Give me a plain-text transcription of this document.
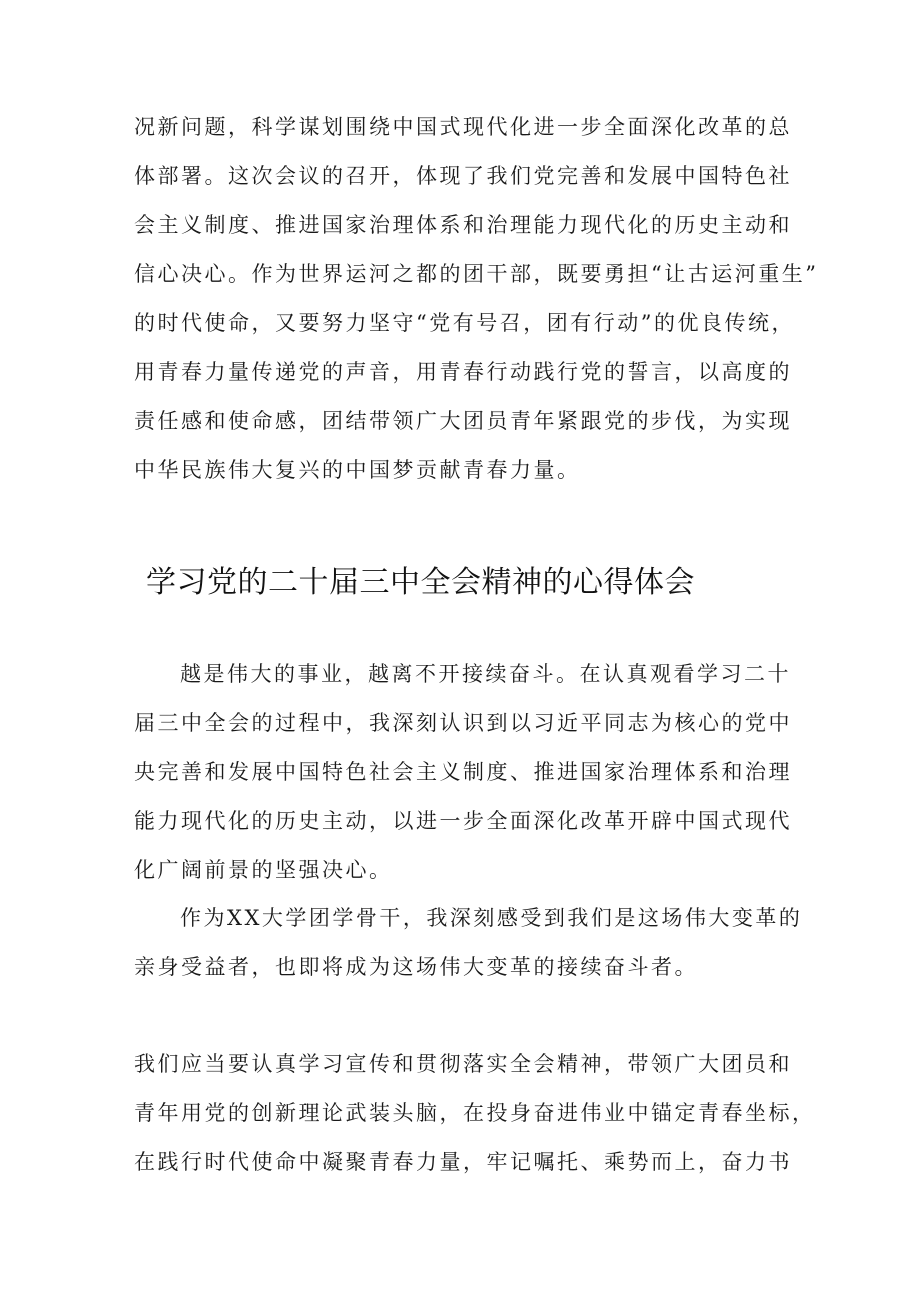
况新问题，科学谋划围绕中国式现代化进一步全面深化改革的总
体部署。这次会议的召开，体现了我们党完善和发展中国特色社
会主义制度、推进国家治理体系和治理能力现代化的历史主动和
信心决心。作为世界运河之都的团干部，既要勇担“让古运河重生”
的时代使命，又要努力坚守“党有号召，团有行动”的优良传统，
用青春力量传递党的声音，用青春行动践行党的誓言，以高度的
责任感和使命感，团结带领广大团员青年紧跟党的步伐，为实现
中华民族伟大复兴的中国梦贡献青春力量。
学习党的二十届三中全会精神的心得体会
越是伟大的事业，越离不开接续奋斗。在认真观看学习二十
届三中全会的过程中，我深刻认识到以习近平同志为核心的党中
央完善和发展中国特色社会主义制度、推进国家治理体系和治理
能力现代化的历史主动，以进一步全面深化改革开辟中国式现代
化广阔前景的坚强决心。
作为XX大学团学骨干，我深刻感受到我们是这场伟大变革的
亲身受益者，也即将成为这场伟大变革的接续奋斗者。
我们应当要认真学习宣传和贯彻落实全会精神，带领广大团员和
青年用党的创新理论武装头脑，在投身奋进伟业中锚定青春坐标，
在践行时代使命中凝聚青春力量，牢记嘱托、乘势而上，奋力书
